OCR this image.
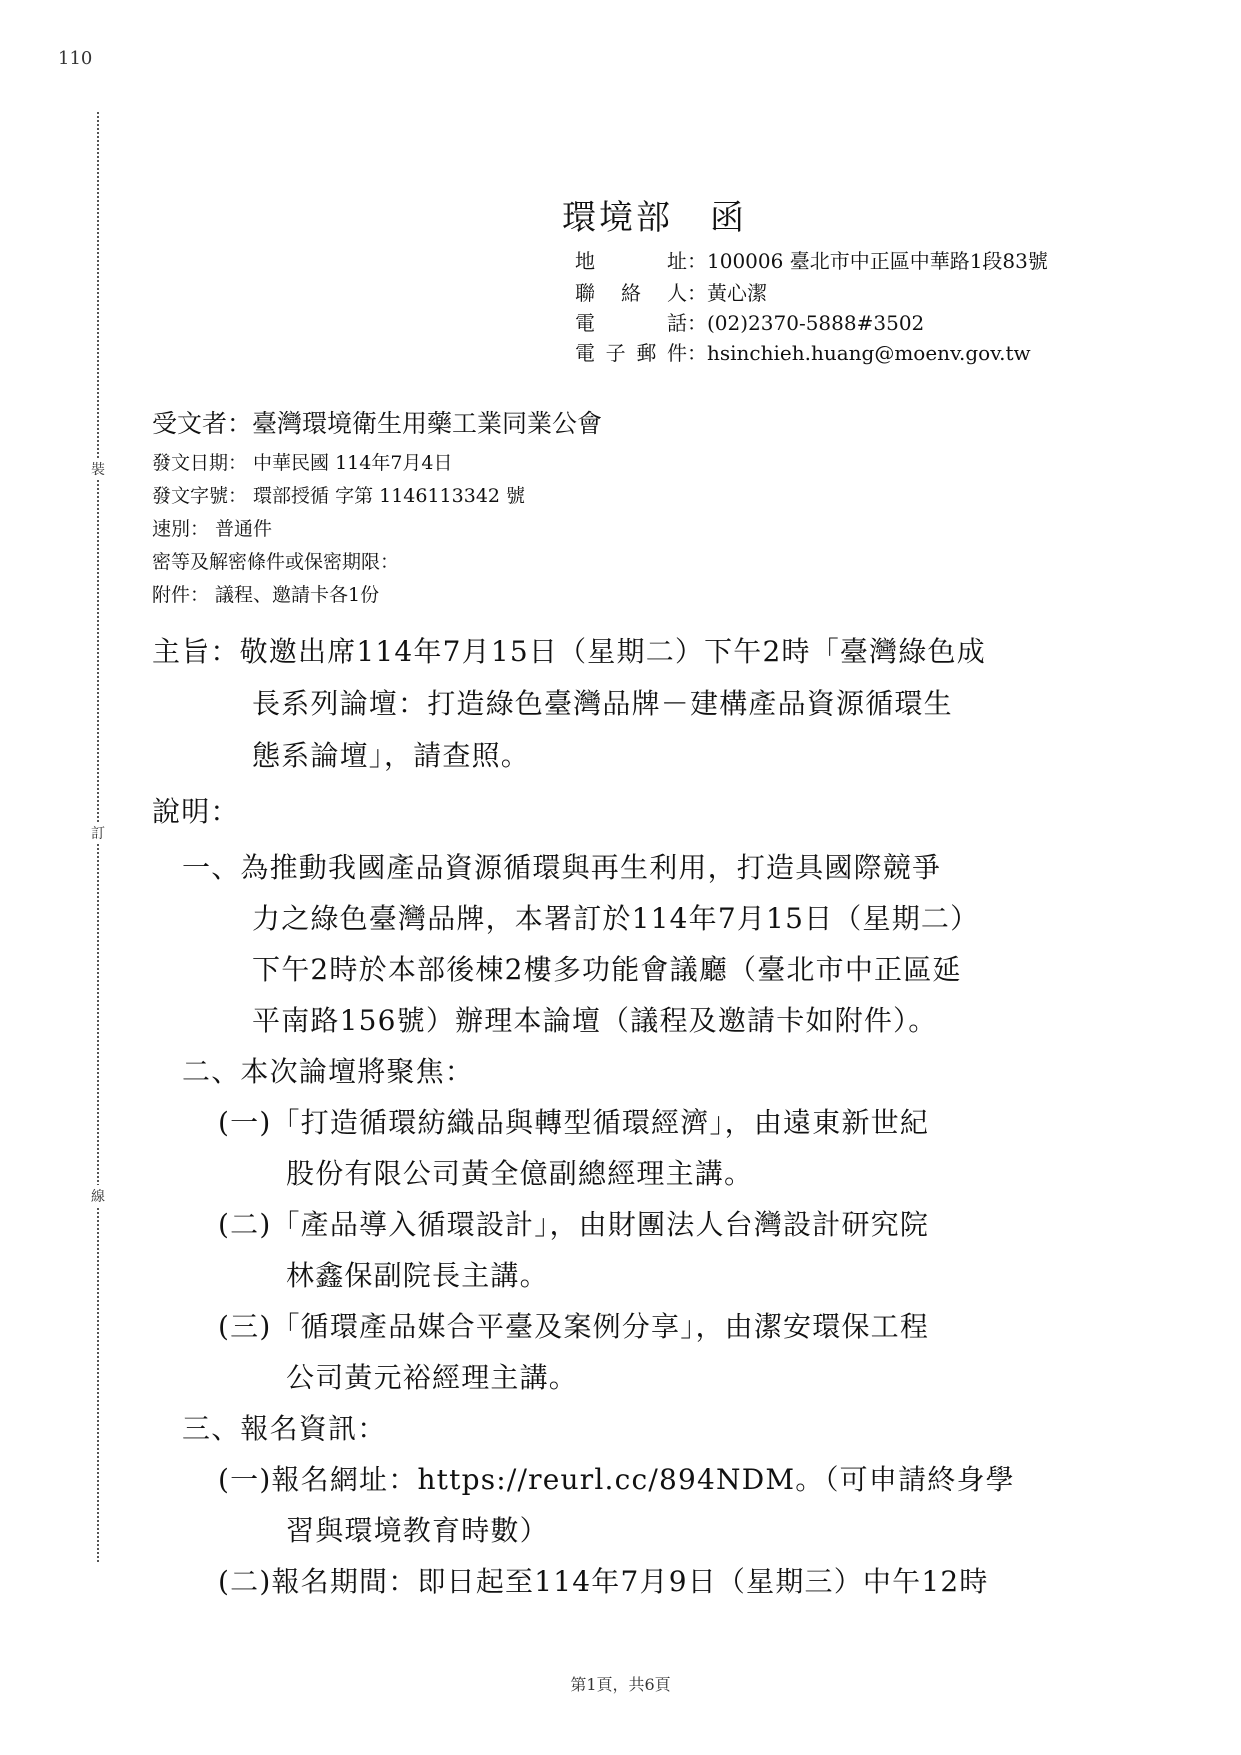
110
裝
訂
線
環境部　函
地址：100006 臺北市中正區中華路1段83號
聯絡人：黃心潔
電話：(02)2370-5888#3502
電子郵件：hsinchieh.huang@moenv.gov.tw
受文者：臺灣環境衛生用藥工業同業公會
發文日期： 中華民國 114年7月4日
發文字號： 環部授循 字第 1146113342 號
速別： 普通件
密等及解密條件或保密期限：
附件： 議程、邀請卡各1份
主旨：敬邀出席114年7月15日（星期二）下午2時「臺灣綠色成
長系列論壇：打造綠色臺灣品牌－建構產品資源循環生
態系論壇」，請查照。
說明：
一、為推動我國產品資源循環與再生利用，打造具國際競爭
力之綠色臺灣品牌，本署訂於114年7月15日（星期二）
下午2時於本部後棟2樓多功能會議廳（臺北市中正區延
平南路156號）辦理本論壇（議程及邀請卡如附件）。
二、本次論壇將聚焦：
(一)「打造循環紡織品與轉型循環經濟」，由遠東新世紀
股份有限公司黃全億副總經理主講。
(二)「產品導入循環設計」，由財團法人台灣設計研究院
林鑫保副院長主講。
(三)「循環產品媒合平臺及案例分享」，由潔安環保工程
公司黃元裕經理主講。
三、報名資訊：
(一)報名網址：https://reurl.cc/894NDM。（可申請終身學
習與環境教育時數）
(二)報名期間：即日起至114年7月9日（星期三）中午12時
第1頁，共6頁
